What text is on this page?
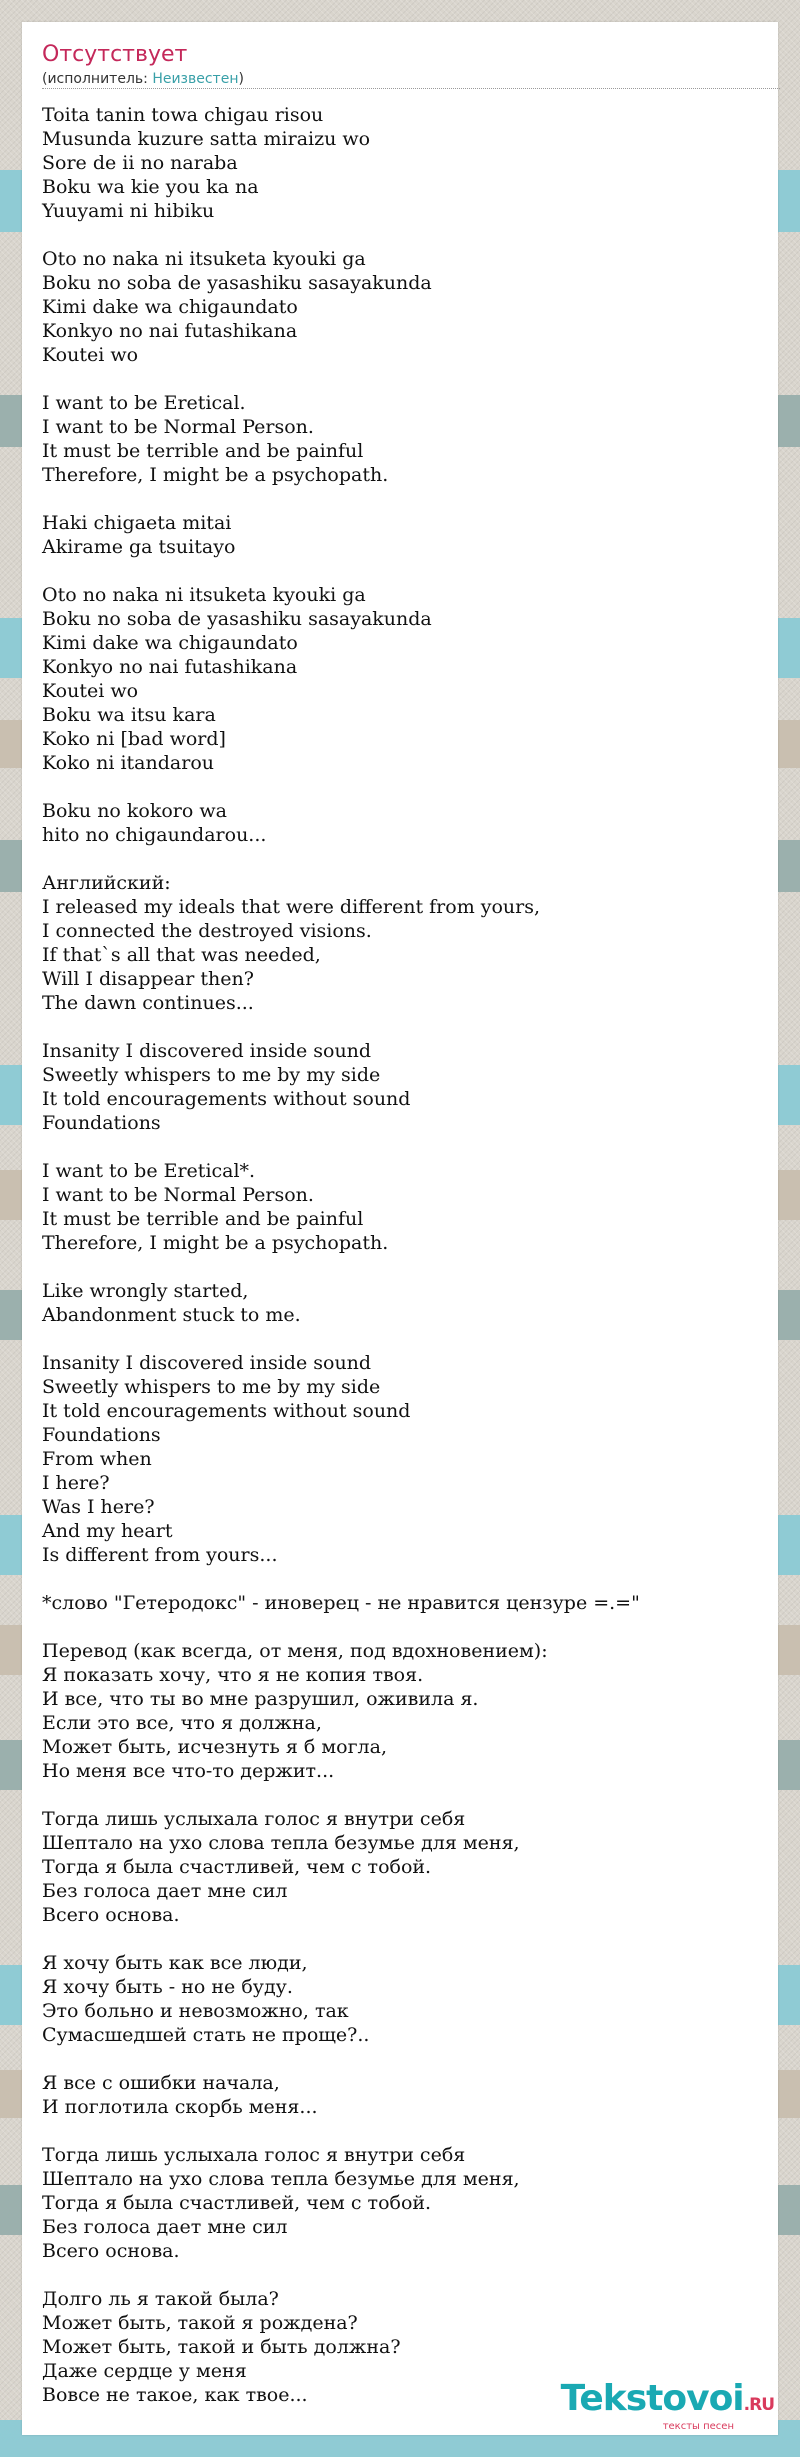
Отсутствует
(исполнитель: Неизвестен)
Toita tanin towa chigau risou
Musunda kuzure satta miraizu wo
Sore de ii no naraba
Boku wa kie you ka na
Yuuyami ni hibiku
Oto no naka ni itsuketa kyouki ga
Boku no soba de yasashiku sasayakunda
Kimi dake wa chigaundato
Konkyo no nai futashikana
Koutei wo
I want to be Eretical.
I want to be Normal Person.
It must be terrible and be painful
Therefore, I might be a psychopath.
Haki chigaeta mitai
Akirame ga tsuitayo
Oto no naka ni itsuketa kyouki ga
Boku no soba de yasashiku sasayakunda
Kimi dake wa chigaundato
Konkyo no nai futashikana
Koutei wo
Boku wa itsu kara
Koko ni [bad word]
Koko ni itandarou
Boku no kokoro wa
hito no chigaundarou...
Английский:
I released my ideals that were different from yours,
I connected the destroyed visions.
If that`s all that was needed,
Will I disappear then?
The dawn continues...
Insanity I discovered inside sound
Sweetly whispers to me by my side
It told encouragements without sound
Foundations
I want to be Eretical*.
I want to be Normal Person.
It must be terrible and be painful
Therefore, I might be a psychopath.
Like wrongly started,
Abandonment stuck to me.
Insanity I discovered inside sound
Sweetly whispers to me by my side
It told encouragements without sound
Foundations
From when
I here?
Was I here?
And my heart
Is different from yours...
*слово "Гетеродокс" - иноверец - не нравится цензуре =.="
Перевод (как всегда, от меня, под вдохновением):
Я показать хочу, что я не копия твоя.
И все, что ты во мне разрушил, оживила я.
Если это все, что я должна,
Может быть, исчезнуть я б могла,
Но меня все что-то держит...
Тогда лишь услыхала голос я внутри себя
Шептало на ухо слова тепла безумье для меня,
Тогда я была счастливей, чем с тобой.
Без голоса дает мне сил
Всего основа.
Я хочу быть как все люди,
Я хочу быть - но не буду.
Это больно и невозможно, так
Сумасшедшей стать не проще?..
Я все с ошибки начала,
И поглотила скорбь меня...
Тогда лишь услыхала голос я внутри себя
Шептало на ухо слова тепла безумье для меня,
Тогда я была счастливей, чем с тобой.
Без голоса дает мне сил
Всего основа.
Долго ль я такой была?
Может быть, такой я рождена?
Может быть, такой и быть должна?
Даже сердце у меня
Вовсе не такое, как твое...	Tekstovoi.RU
тексты песен
